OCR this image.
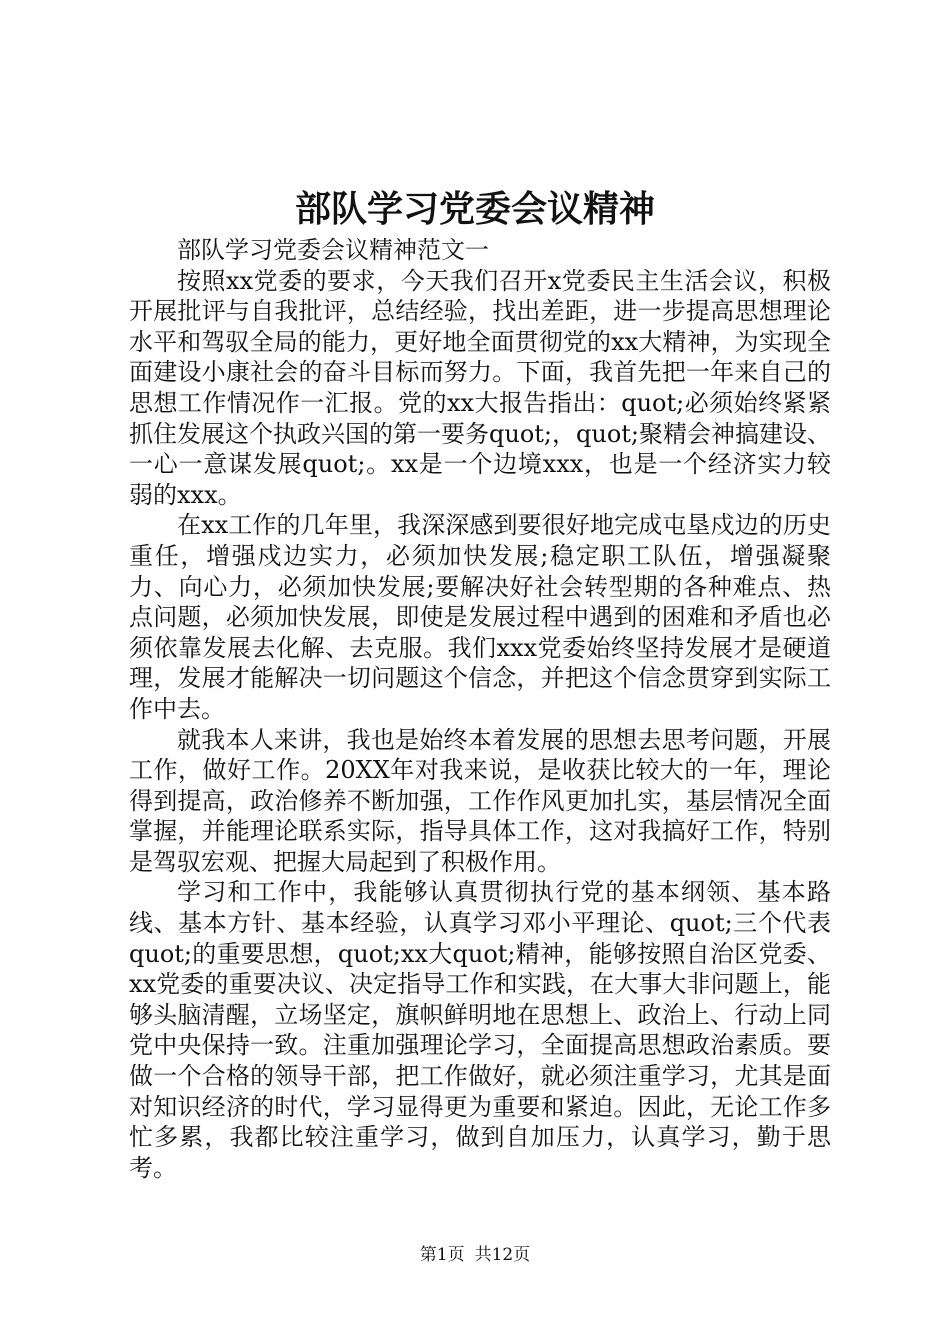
部队学习党委会议精神

部队学习党委会议精神范文一

按照xx党委的要求，今天我们召开x党委民主生活会议，积极开展批评与自我批评，总结经验，找出差距，进一步提高思想理论水平和驾驭全局的能力，更好地全面贯彻党的xx大精神，为实现全面建设小康社会的奋斗目标而努力。下面，我首先把一年来自己的思想工作情况作一汇报。党的xx大报告指出：quot;必须始终紧紧抓住发展这个执政兴国的第一要务quot;，quot;聚精会神搞建设、一心一意谋发展quot;。xx是一个边境xxx，也是一个经济实力较弱的xxx。

在xx工作的几年里，我深深感到要很好地完成屯垦戍边的历史重任，增强戍边实力，必须加快发展;稳定职工队伍，增强凝聚力、向心力，必须加快发展;要解决好社会转型期的各种难点、热点问题，必须加快发展，即使是发展过程中遇到的困难和矛盾也必须依靠发展去化解、去克服。我们xxx党委始终坚持发展才是硬道理，发展才能解决一切问题这个信念，并把这个信念贯穿到实际工作中去。

就我本人来讲，我也是始终本着发展的思想去思考问题，开展工作，做好工作。20XX年对我来说，是收获比较大的一年，理论得到提高，政治修养不断加强，工作作风更加扎实，基层情况全面掌握，并能理论联系实际，指导具体工作，这对我搞好工作，特别是驾驭宏观、把握大局起到了积极作用。

学习和工作中，我能够认真贯彻执行党的基本纲领、基本路线、基本方针、基本经验，认真学习邓小平理论、quot;三个代表quot;的重要思想，quot;xx大quot;精神，能够按照自治区党委、xx党委的重要决议、决定指导工作和实践，在大事大非问题上，能够头脑清醒，立场坚定，旗帜鲜明地在思想上、政治上、行动上同党中央保持一致。注重加强理论学习，全面提高思想政治素质。要做一个合格的领导干部，把工作做好，就必须注重学习，尤其是面对知识经济的时代，学习显得更为重要和紧迫。因此，无论工作多忙多累，我都比较注重学习，做到自加压力，认真学习，勤于思考。

第1页 共12页
